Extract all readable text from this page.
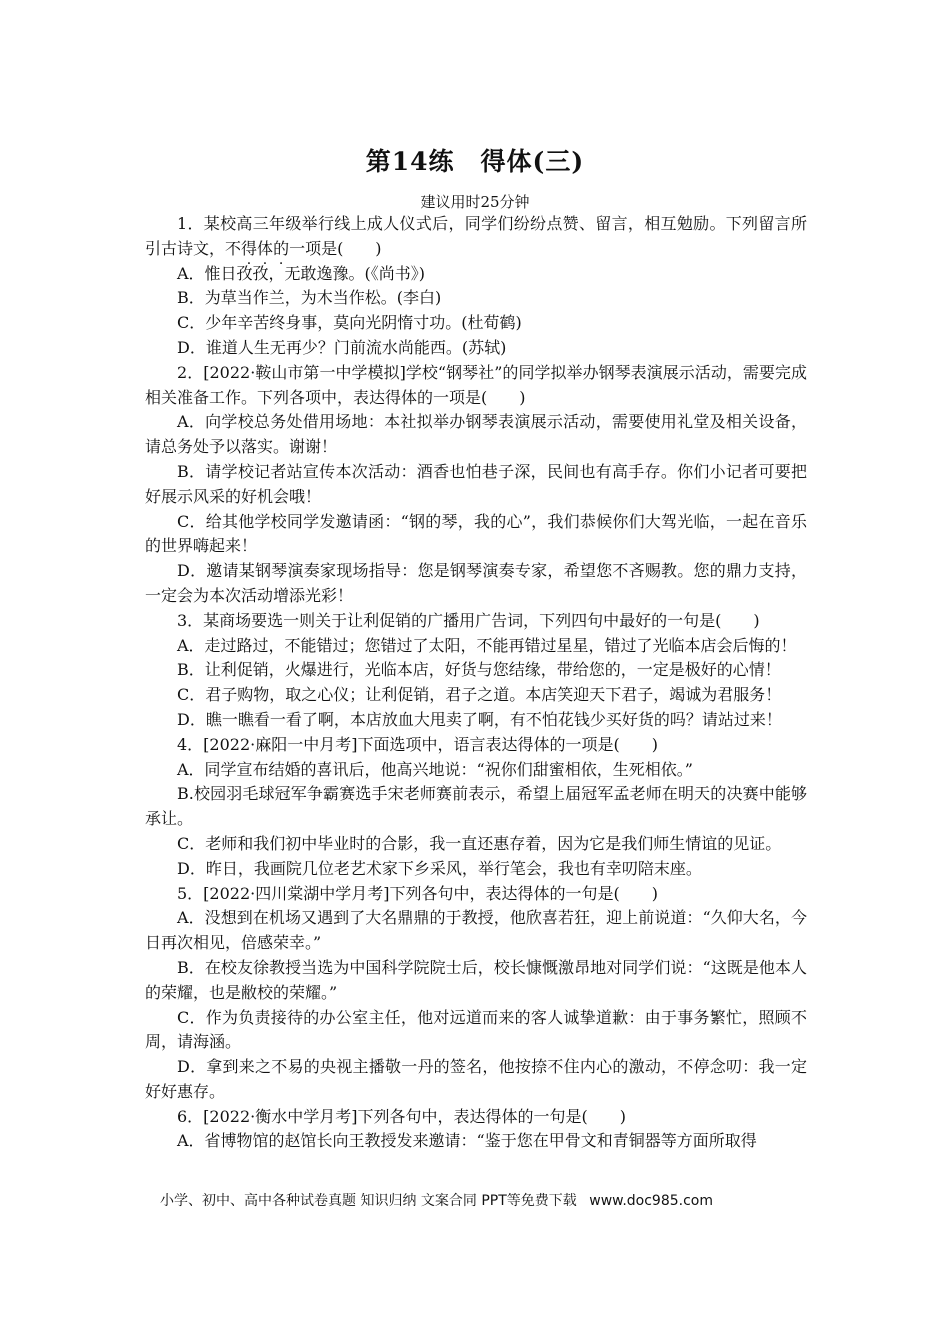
第14练　得体(三)
建议用时25分钟

1．某校高三年级举行线上成人仪式后，同学们纷纷点赞、留言，相互勉励。下列留言所引古诗文，不得体的一项是(　　)

A．惟日孜孜，无敢逸豫。(《尚书》)

B．为草当作兰，为木当作松。(李白)

C．少年辛苦终身事，莫向光阴惰寸功。(杜荀鹤)

D．谁道人生无再少？门前流水尚能西。(苏轼)

2．[2022·鞍山市第一中学模拟]学校“钢琴社”的同学拟举办钢琴表演展示活动，需要完成相关准备工作。下列各项中，表达得体的一项是(　　)

A．向学校总务处借用场地：本社拟举办钢琴表演展示活动，需要使用礼堂及相关设备，请总务处予以落实。谢谢！

B．请学校记者站宣传本次活动：酒香也怕巷子深，民间也有高手存。你们小记者可要把好展示风采的好机会哦！

C．给其他学校同学发邀请函：“钢的琴，我的心”，我们恭候你们大驾光临，一起在音乐的世界嗨起来！

D．邀请某钢琴演奏家现场指导：您是钢琴演奏专家，希望您不吝赐教。您的鼎力支持，一定会为本次活动增添光彩！

3．某商场要选一则关于让利促销的广播用广告词，下列四句中最好的一句是(　　)

A．走过路过，不能错过；您错过了太阳，不能再错过星星，错过了光临本店会后悔的！

B．让利促销，火爆进行，光临本店，好货与您结缘，带给您的，一定是极好的心情！

C．君子购物，取之心仪；让利促销，君子之道。本店笑迎天下君子，竭诚为君服务！

D．瞧一瞧看一看了啊，本店放血大甩卖了啊，有不怕花钱少买好货的吗？请站过来！

4．[2022·麻阳一中月考]下面选项中，语言表达得体的一项是(　　)

A．同学宣布结婚的喜讯后，他高兴地说：“祝你们甜蜜相依，生死相依。”

B.校园羽毛球冠军争霸赛选手宋老师赛前表示，希望上届冠军孟老师在明天的决赛中能够承让。

C．老师和我们初中毕业时的合影，我一直还惠存着，因为它是我们师生情谊的见证。

D．昨日，我画院几位老艺术家下乡采风，举行笔会，我也有幸叨陪末座。

5．[2022·四川棠湖中学月考]下列各句中，表达得体的一句是(　　)

A．没想到在机场又遇到了大名鼎鼎的于教授，他欣喜若狂，迎上前说道：“久仰大名，今日再次相见，倍感荣幸。”

B．在校友徐教授当选为中国科学院院士后，校长慷慨激昂地对同学们说：“这既是他本人的荣耀，也是敝校的荣耀。”

C．作为负责接待的办公室主任，他对远道而来的客人诚挚道歉：由于事务繁忙，照顾不周，请海涵。

D．拿到来之不易的央视主播敬一丹的签名，他按捺不住内心的激动，不停念叨：我一定好好惠存。

6．[2022·衡水中学月考]下列各句中，表达得体的一句是(　　)

A．省博物馆的赵馆长向王教授发来邀请：“鉴于您在甲骨文和青铜器等方面所取得

小学、初中、高中各种试卷真题 知识归纳 文案合同 PPT等免费下载 www.doc985.com
